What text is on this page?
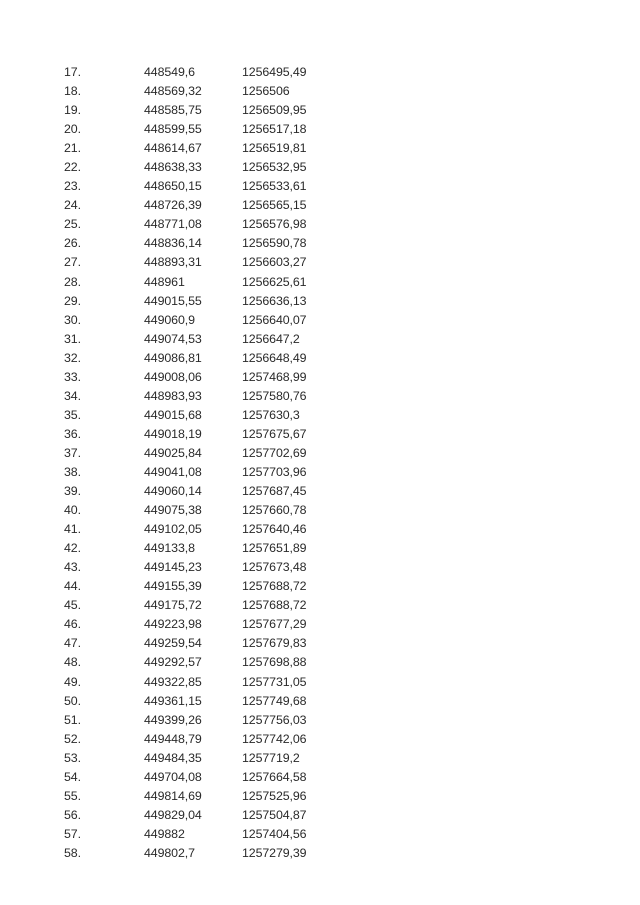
17.	448549,6	1256495,49
18.	448569,32	1256506
19.	448585,75	1256509,95
20.	448599,55	1256517,18
21.	448614,67	1256519,81
22.	448638,33	1256532,95
23.	448650,15	1256533,61
24.	448726,39	1256565,15
25.	448771,08	1256576,98
26.	448836,14	1256590,78
27.	448893,31	1256603,27
28.	448961	1256625,61
29.	449015,55	1256636,13
30.	449060,9	1256640,07
31.	449074,53	1256647,2
32.	449086,81	1256648,49
33.	449008,06	1257468,99
34.	448983,93	1257580,76
35.	449015,68	1257630,3
36.	449018,19	1257675,67
37.	449025,84	1257702,69
38.	449041,08	1257703,96
39.	449060,14	1257687,45
40.	449075,38	1257660,78
41.	449102,05	1257640,46
42.	449133,8	1257651,89
43.	449145,23	1257673,48
44.	449155,39	1257688,72
45.	449175,72	1257688,72
46.	449223,98	1257677,29
47.	449259,54	1257679,83
48.	449292,57	1257698,88
49.	449322,85	1257731,05
50.	449361,15	1257749,68
51.	449399,26	1257756,03
52.	449448,79	1257742,06
53.	449484,35	1257719,2
54.	449704,08	1257664,58
55.	449814,69	1257525,96
56.	449829,04	1257504,87
57.	449882	1257404,56
58.	449802,7	1257279,39
